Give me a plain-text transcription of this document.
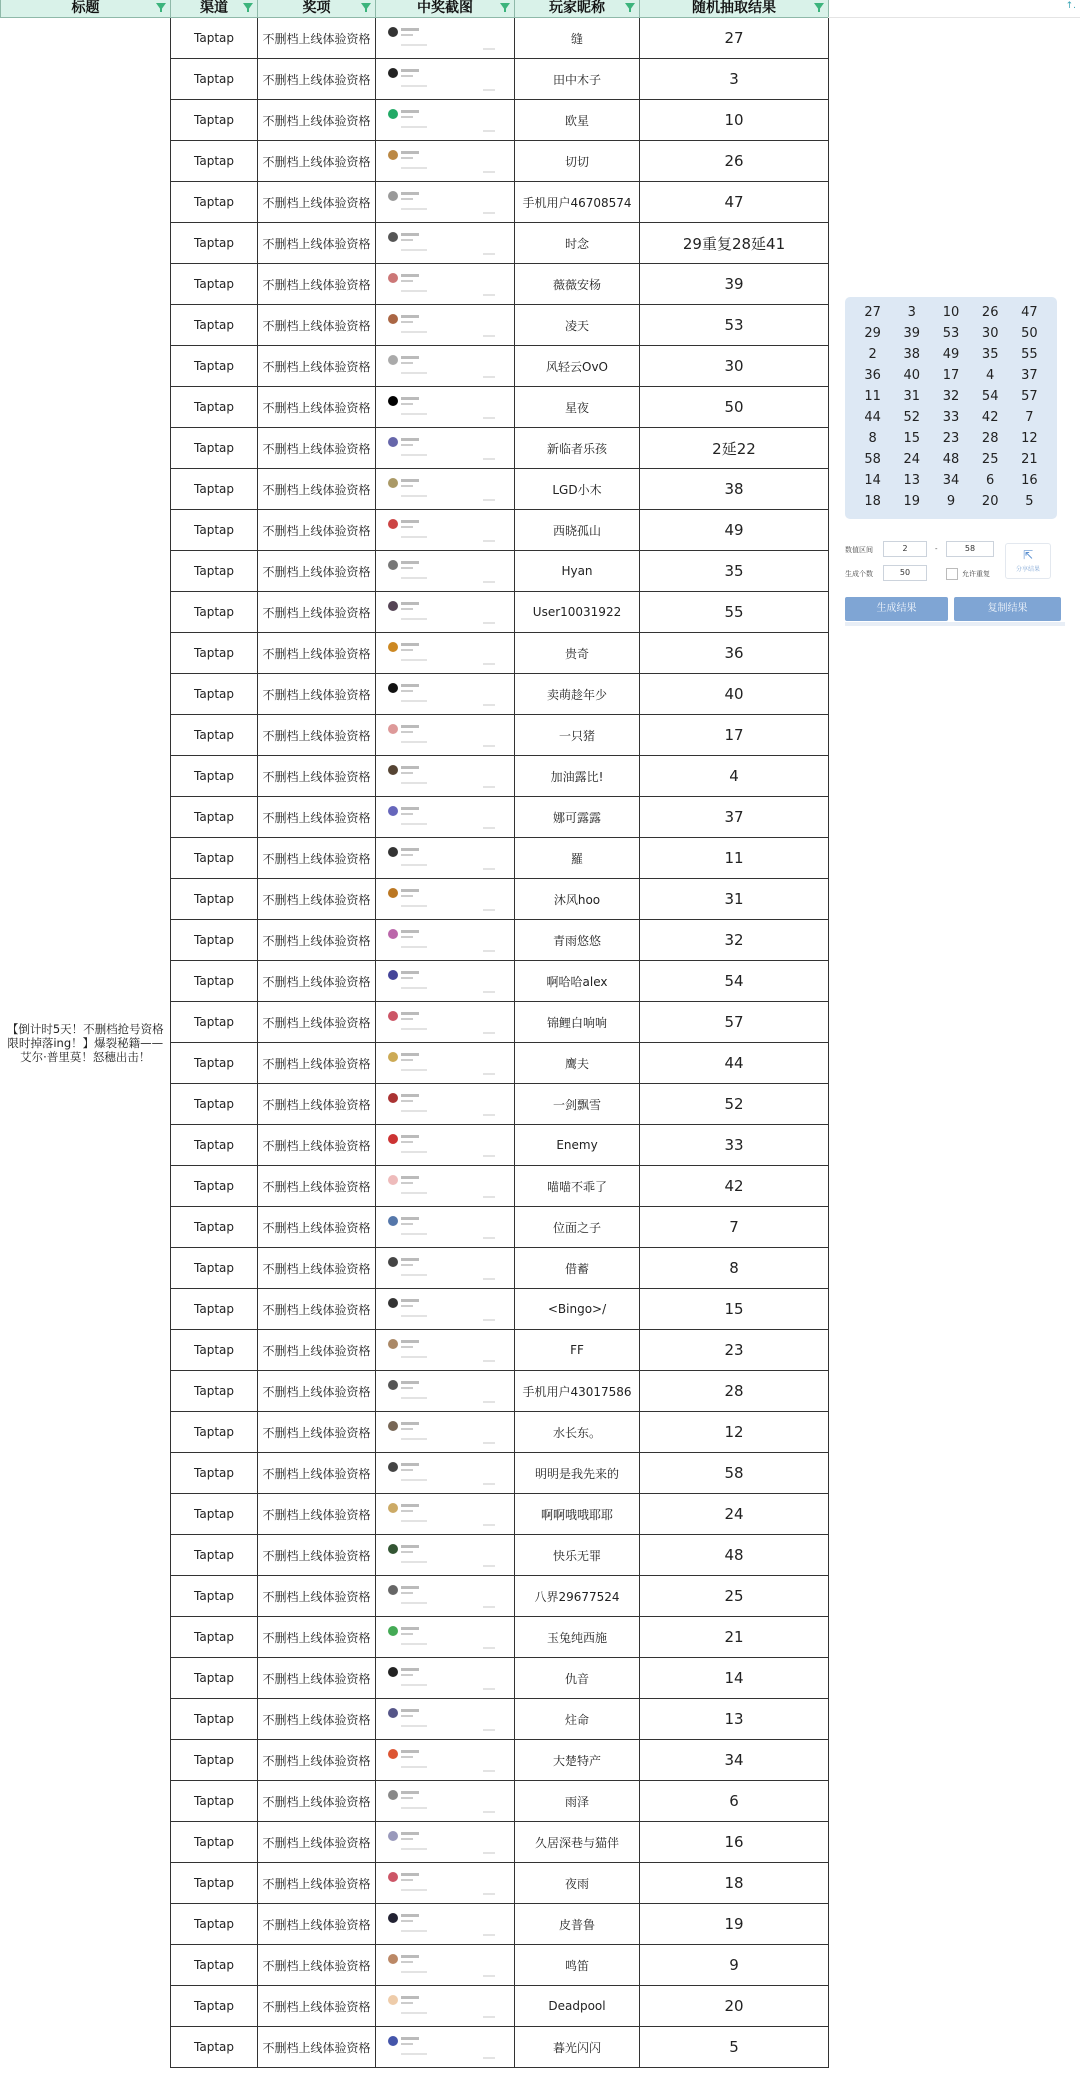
标题	渠道	奖项	中奖截图	玩家昵称	随机抽取结果

【倒计时5天！不删档抢号资格限时掉落ing！】爆裂秘籍——艾尔·普里莫！怒穗出击！	Taptap	不删档上线体验资格		缝	27
	Taptap	不删档上线体验资格		田中木子	3
	Taptap	不删档上线体验资格		欧星	10
	Taptap	不删档上线体验资格		切切	26
	Taptap	不删档上线体验资格		手机用户46708574	47
	Taptap	不删档上线体验资格		时念	29重复28延41
	Taptap	不删档上线体验资格		薇薇安杨	39
	Taptap	不删档上线体验资格		凌天	53
	Taptap	不删档上线体验资格		风轻云OvO	30
	Taptap	不删档上线体验资格		星夜	50
	Taptap	不删档上线体验资格		新临者乐孩	2延22
	Taptap	不删档上线体验资格		LGD小木	38
	Taptap	不删档上线体验资格		西晓孤山	49
	Taptap	不删档上线体验资格		Hyan	35
	Taptap	不删档上线体验资格		User10031922	55
	Taptap	不删档上线体验资格		贵奇	36
	Taptap	不删档上线体验资格		卖萌趁年少	40
	Taptap	不删档上线体验资格		一只猪	17
	Taptap	不删档上线体验资格		加油露比!	4
	Taptap	不删档上线体验资格		娜可露露	37
	Taptap	不删档上线体验资格		羅	11
	Taptap	不删档上线体验资格		沐风hoo	31
	Taptap	不删档上线体验资格		青雨悠悠	32
	Taptap	不删档上线体验资格		啊哈哈alex	54
	Taptap	不删档上线体验资格		锦鲤白响响	57
	Taptap	不删档上线体验资格		鹰夫	44
	Taptap	不删档上线体验资格		一剑飘雪	52
	Taptap	不删档上线体验资格		Enemy	33
	Taptap	不删档上线体验资格		喵喵不乖了	42
	Taptap	不删档上线体验资格		位面之子	7
	Taptap	不删档上线体验资格		借蓄	8
	Taptap	不删档上线体验资格		<Bingo>/	15
	Taptap	不删档上线体验资格		FF	23
	Taptap	不删档上线体验资格		手机用户43017586	28
	Taptap	不删档上线体验资格		水长东。	12
	Taptap	不删档上线体验资格		明明是我先来的	58
	Taptap	不删档上线体验资格		啊啊哦哦耶耶	24
	Taptap	不删档上线体验资格		快乐无罪	48
	Taptap	不删档上线体验资格		八界29677524	25
	Taptap	不删档上线体验资格		玉兔纯西施	21
	Taptap	不删档上线体验资格		仇音	14
	Taptap	不删档上线体验资格		炷命	13
	Taptap	不删档上线体验资格		大楚特产	34
	Taptap	不删档上线体验资格		雨泽	6
	Taptap	不删档上线体验资格		久居深巷与猫伴	16
	Taptap	不删档上线体验资格		夜雨	18
	Taptap	不删档上线体验资格		皮普鲁	19
	Taptap	不删档上线体验资格		鸣笛	9
	Taptap	不删档上线体验资格		Deadpool	20
	Taptap	不删档上线体验资格		暮光闪闪	5
↑.
27	3	10	26	47
29	39	53	30	50
2	38	49	35	55
36	40	17	4	37
11	31	32	54	57
44	52	33	42	7
8	15	23	28	12
58	24	48	25	21
14	13	34	6	16
18	19	9	20	5
数值区间	2	-	58
生成个数	50	允许重复
⇱
分享结果
生成结果	复制结果
